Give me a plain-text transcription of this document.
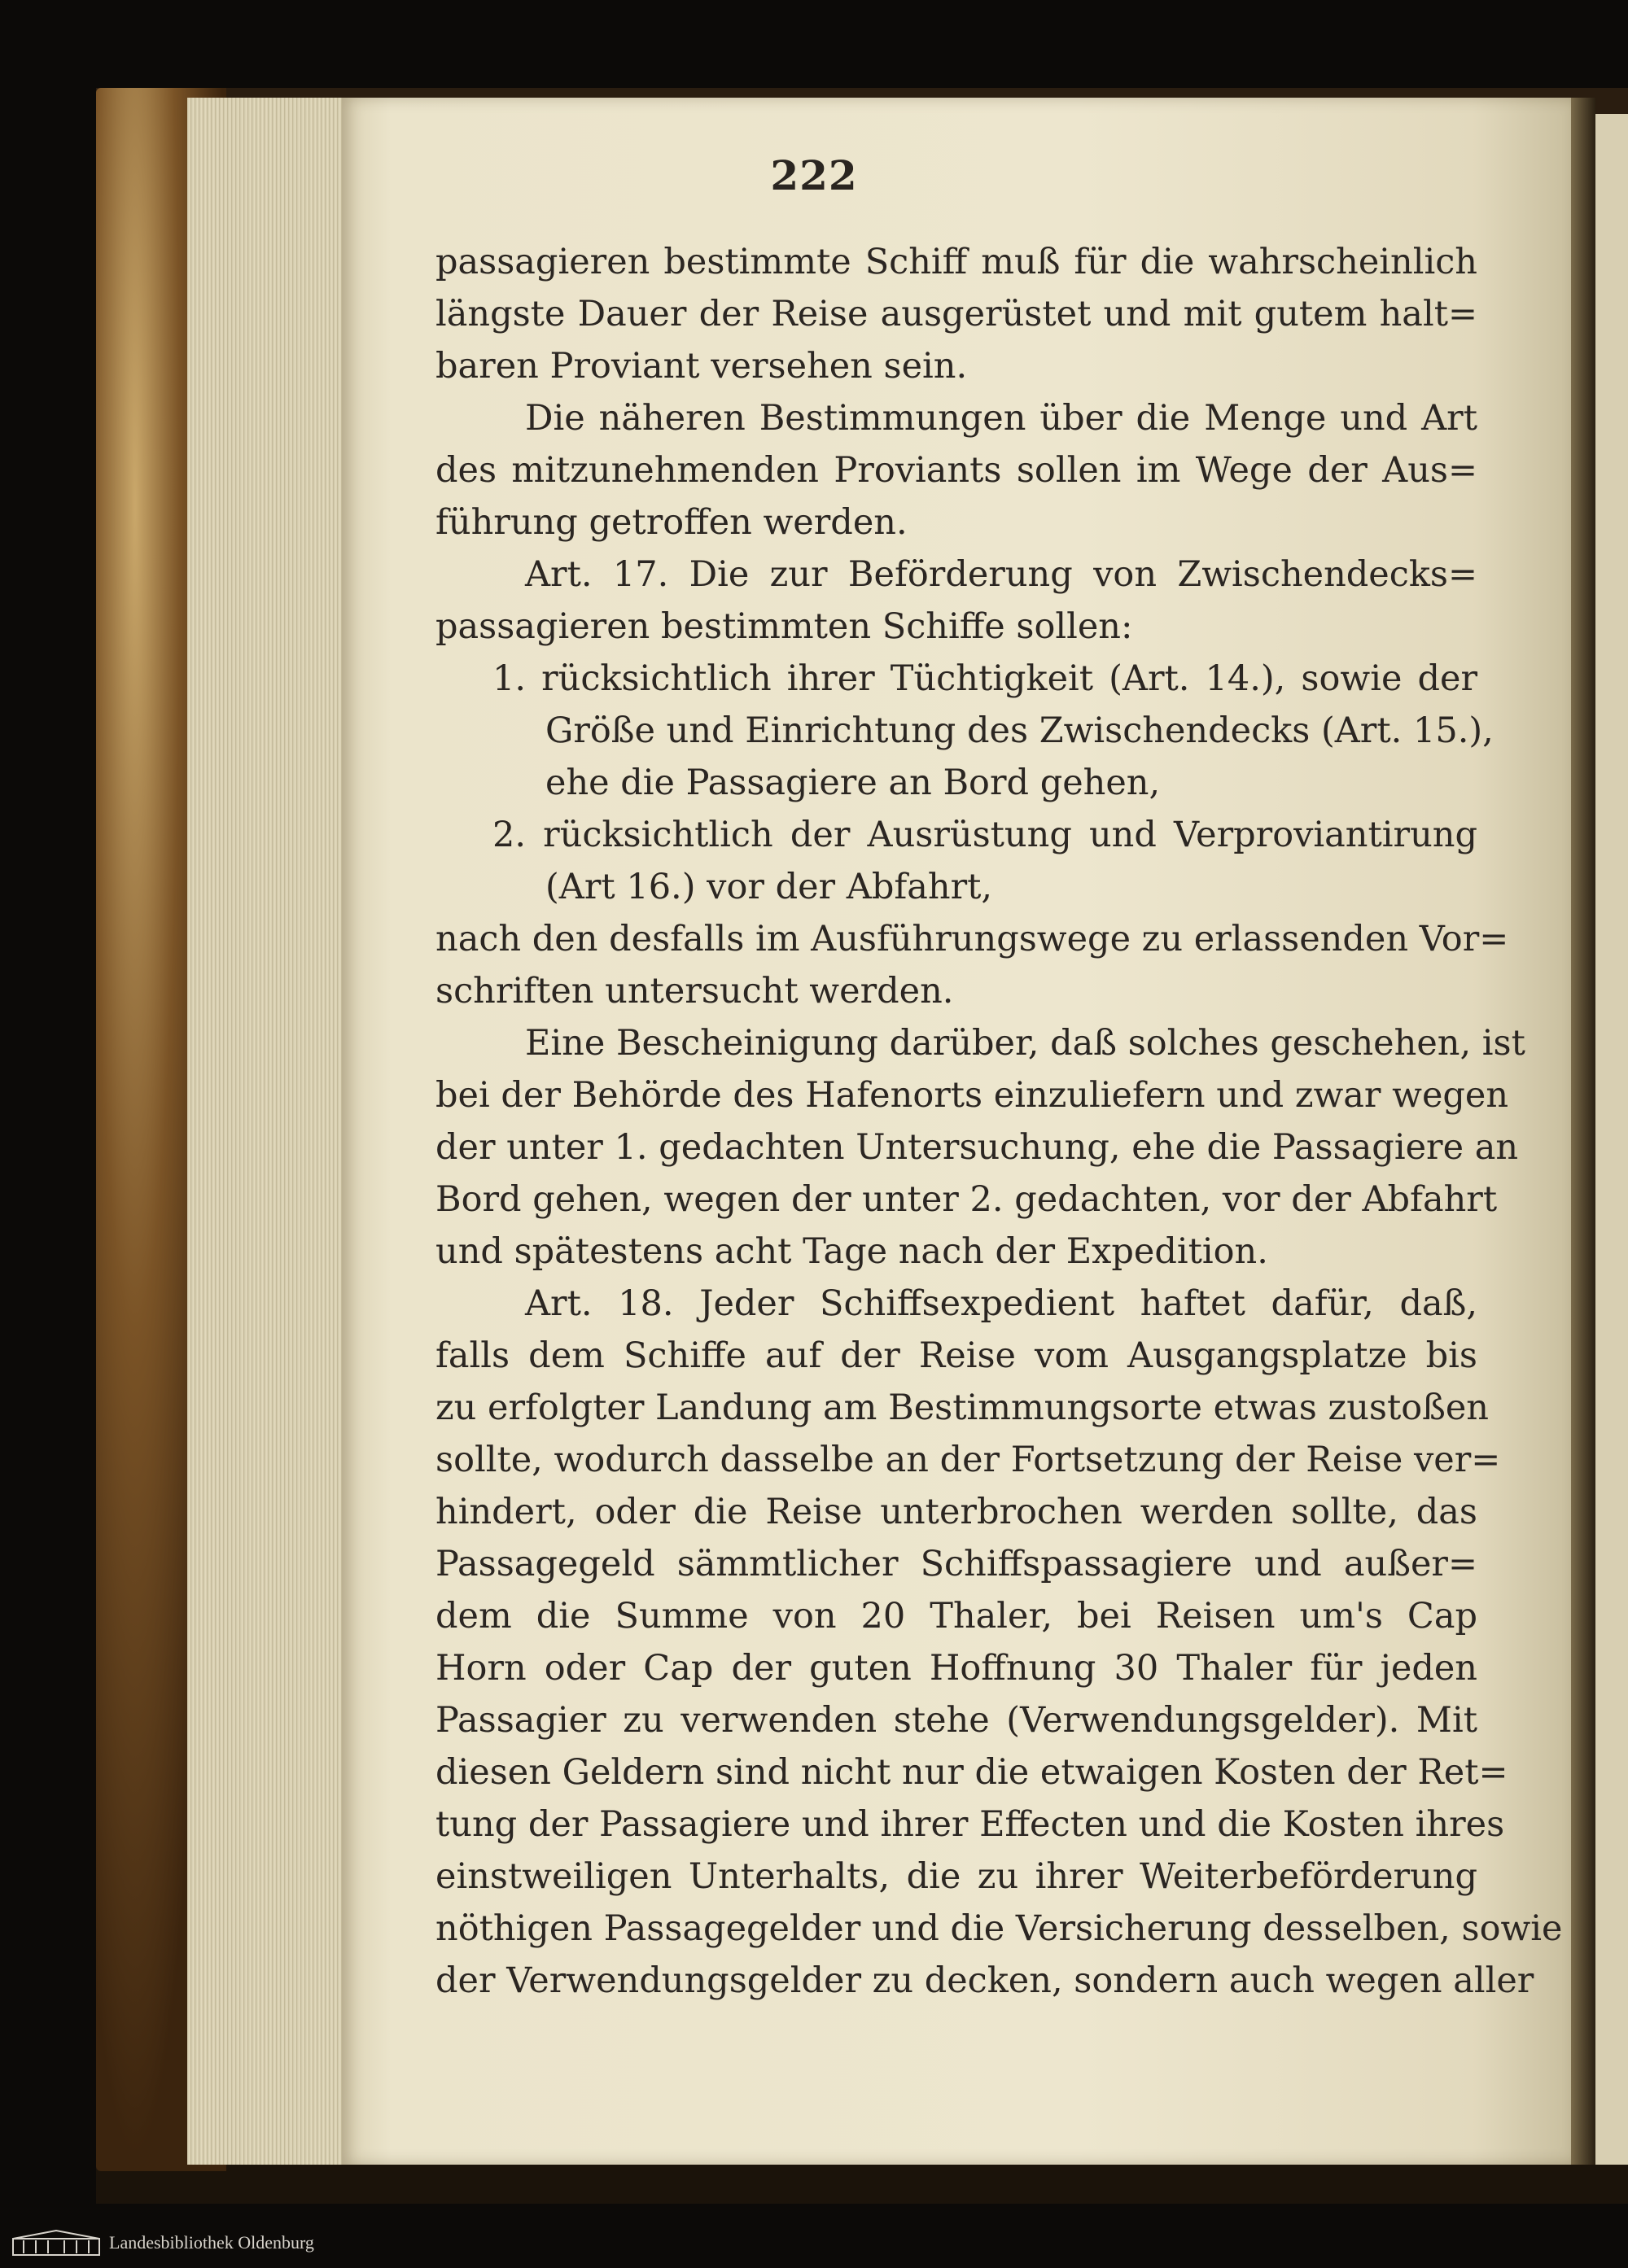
222
passagieren bestimmte Schiff muß für die wahrscheinlich
längste Dauer der Reise ausgerüstet und mit gutem halt=
baren Proviant versehen sein.
Die näheren Bestimmungen über die Menge und Art
des mitzunehmenden Proviants sollen im Wege der Aus=
führung getroffen werden.
Art. 17. Die zur Beförderung von Zwischendecks=
passagieren bestimmten Schiffe sollen:
1. rücksichtlich ihrer Tüchtigkeit (Art. 14.), sowie der
Größe und Einrichtung des Zwischendecks (Art. 15.),
ehe die Passagiere an Bord gehen,
2. rücksichtlich der Ausrüstung und Verproviantirung
(Art 16.) vor der Abfahrt,
nach den desfalls im Ausführungswege zu erlassenden Vor=
schriften untersucht werden.
Eine Bescheinigung darüber, daß solches geschehen, ist
bei der Behörde des Hafenorts einzuliefern und zwar wegen
der unter 1. gedachten Untersuchung, ehe die Passagiere an
Bord gehen, wegen der unter 2. gedachten, vor der Abfahrt
und spätestens acht Tage nach der Expedition.
Art. 18. Jeder Schiffsexpedient haftet dafür, daß,
falls dem Schiffe auf der Reise vom Ausgangsplatze bis
zu erfolgter Landung am Bestimmungsorte etwas zustoßen
sollte, wodurch dasselbe an der Fortsetzung der Reise ver=
hindert, oder die Reise unterbrochen werden sollte, das
Passagegeld sämmtlicher Schiffspassagiere und außer=
dem die Summe von 20 Thaler, bei Reisen um's Cap
Horn oder Cap der guten Hoffnung 30 Thaler für jeden
Passagier zu verwenden stehe (Verwendungsgelder). Mit
diesen Geldern sind nicht nur die etwaigen Kosten der Ret=
tung der Passagiere und ihrer Effecten und die Kosten ihres
einstweiligen Unterhalts, die zu ihrer Weiterbeförderung
nöthigen Passagegelder und die Versicherung desselben, sowie
der Verwendungsgelder zu decken, sondern auch wegen aller
Landesbibliothek Oldenburg
